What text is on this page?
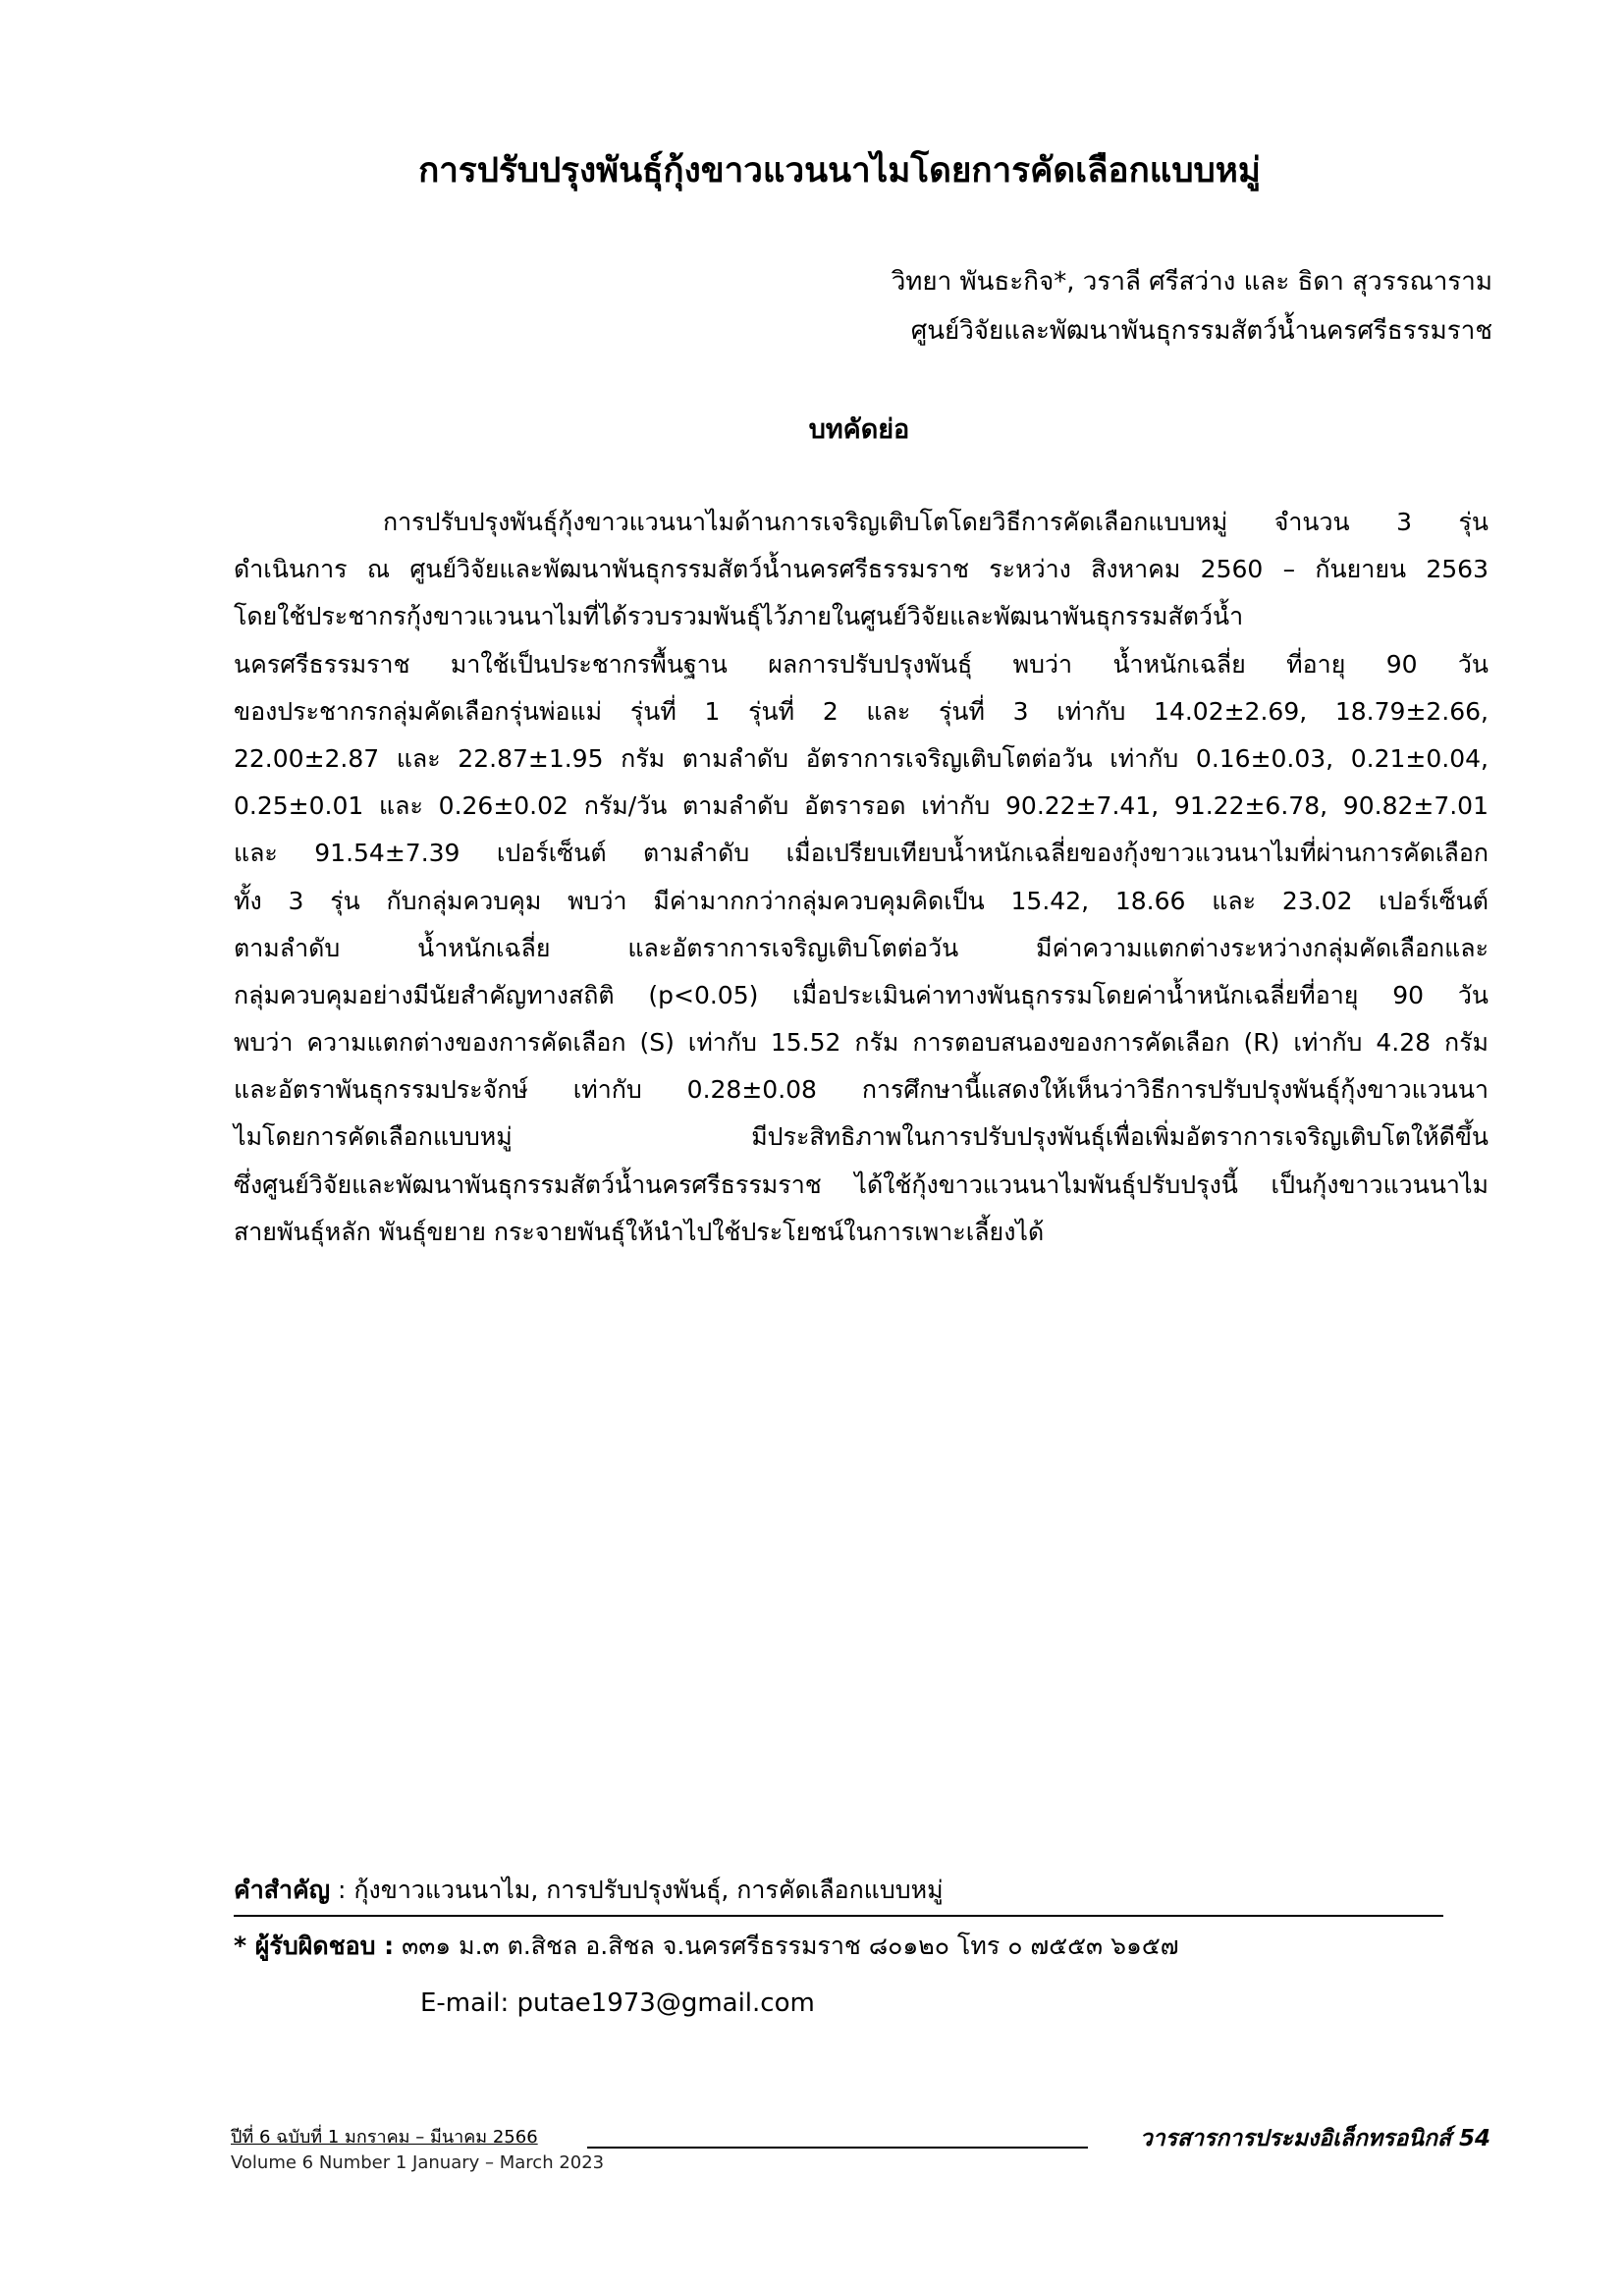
การปรับปรุงพันธุ์กุ้งขาวแวนนาไมโดยการคัดเลือกแบบหมู่
วิทยา พันธะกิจ*, วราลี ศรีสว่าง และ ธิดา สุวรรณาราม
ศูนย์วิจัยและพัฒนาพันธุกรรมสัตว์น้ำนครศรีธรรมราช
บทคัดย่อ
การปรับปรุงพันธุ์กุ้งขาวแวนนาไมด้านการเจริญเติบโตโดยวิธีการคัดเลือกแบบหมู่ จำนวน 3 รุ่น
ดำเนินการ ณ ศูนย์วิจัยและพัฒนาพันธุกรรมสัตว์น้ำนครศรีธรรมราช ระหว่าง สิงหาคม 2560 – กันยายน 2563
โดยใช้ประชากรกุ้งขาวแวนนาไมที่ได้รวบรวมพันธุ์ไว้ภายในศูนย์วิจัยและพัฒนาพันธุกรรมสัตว์น้ำ
นครศรีธรรมราช มาใช้เป็นประชากรพื้นฐาน ผลการปรับปรุงพันธุ์ พบว่า น้ำหนักเฉลี่ย ที่อายุ 90 วัน
ของประชากรกลุ่มคัดเลือกรุ่นพ่อแม่ รุ่นที่ 1 รุ่นที่ 2 และ รุ่นที่ 3 เท่ากับ 14.02±2.69, 18.79±2.66,
22.00±2.87 และ 22.87±1.95 กรัม ตามลำดับ อัตราการเจริญเติบโตต่อวัน เท่ากับ 0.16±0.03, 0.21±0.04,
0.25±0.01 และ 0.26±0.02 กรัม/วัน ตามลำดับ อัตรารอด เท่ากับ 90.22±7.41, 91.22±6.78, 90.82±7.01
และ 91.54±7.39 เปอร์เซ็นต์ ตามลำดับ เมื่อเปรียบเทียบน้ำหนักเฉลี่ยของกุ้งขาวแวนนาไมที่ผ่านการคัดเลือก
ทั้ง 3 รุ่น กับกลุ่มควบคุม พบว่า มีค่ามากกว่ากลุ่มควบคุมคิดเป็น 15.42, 18.66 และ 23.02 เปอร์เซ็นต์
ตามลำดับ น้ำหนักเฉลี่ย และอัตราการเจริญเติบโตต่อวัน มีค่าความแตกต่างระหว่างกลุ่มคัดเลือกและ
กลุ่มควบคุมอย่างมีนัยสำคัญทางสถิติ (p<0.05) เมื่อประเมินค่าทางพันธุกรรมโดยค่าน้ำหนักเฉลี่ยที่อายุ 90 วัน
พบว่า ความแตกต่างของการคัดเลือก (S) เท่ากับ 15.52 กรัม การตอบสนองของการคัดเลือก (R) เท่ากับ 4.28 กรัม
และอัตราพันธุกรรมประจักษ์ เท่ากับ 0.28±0.08 การศึกษานี้แสดงให้เห็นว่าวิธีการปรับปรุงพันธุ์กุ้งขาวแวนนา
ไมโดยการคัดเลือกแบบหมู่ มีประสิทธิภาพในการปรับปรุงพันธุ์เพื่อเพิ่มอัตราการเจริญเติบโตให้ดีขึ้น
ซึ่งศูนย์วิจัยและพัฒนาพันธุกรรมสัตว์น้ำนครศรีธรรมราช ได้ใช้กุ้งขาวแวนนาไมพันธุ์ปรับปรุงนี้ เป็นกุ้งขาวแวนนาไม
สายพันธุ์หลัก พันธุ์ขยาย กระจายพันธุ์ให้นำไปใช้ประโยชน์ในการเพาะเลี้ยงได้
คำสำคัญ : กุ้งขาวแวนนาไม, การปรับปรุงพันธุ์, การคัดเลือกแบบหมู่
* ผู้รับผิดชอบ : ๓๓๑ ม.๓ ต.สิชล อ.สิชล จ.นครศรีธรรมราช ๘๐๑๒๐ โทร ๐ ๗๕๕๓ ๖๑๕๗
E-mail: putae1973@gmail.com
ปีที่ 6 ฉบับที่ 1 มกราคม – มีนาคม 2566
Volume 6 Number 1 January – March 2023
วารสารการประมงอิเล็กทรอนิกส์ 54
